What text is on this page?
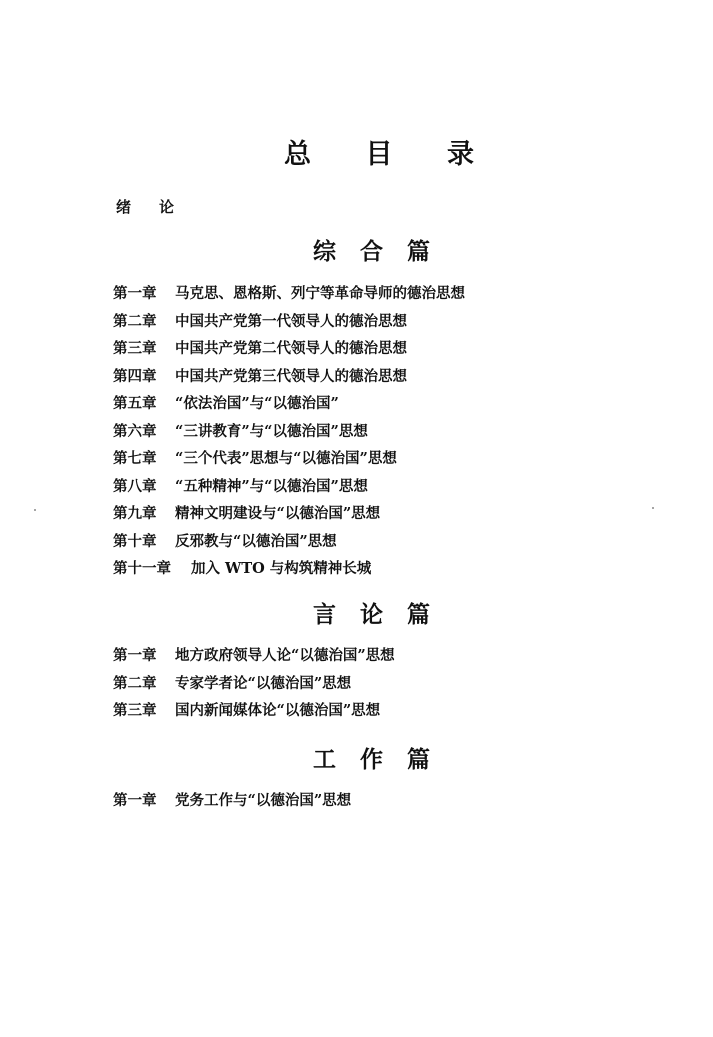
总 目 录
绪 论
综 合 篇
第一章	马克思、恩格斯、列宁等革命导师的德治思想
第二章	中国共产党第一代领导人的德治思想
第三章	中国共产党第二代领导人的德治思想
第四章	中国共产党第三代领导人的德治思想
第五章	“依法治国”与“以德治国”
第六章	“三讲教育”与“以德治国”思想
第七章	“三个代表”思想与“以德治国”思想
第八章	“五种精神”与“以德治国”思想
第九章	精神文明建设与“以德治国”思想
第十章	反邪教与“以德治国”思想
第十一章	加入 WTO 与构筑精神长城
言 论 篇
第一章	地方政府领导人论“以德治国”思想
第二章	专家学者论“以德治国”思想
第三章	国内新闻媒体论“以德治国”思想
工 作 篇
第一章	党务工作与“以德治国”思想
